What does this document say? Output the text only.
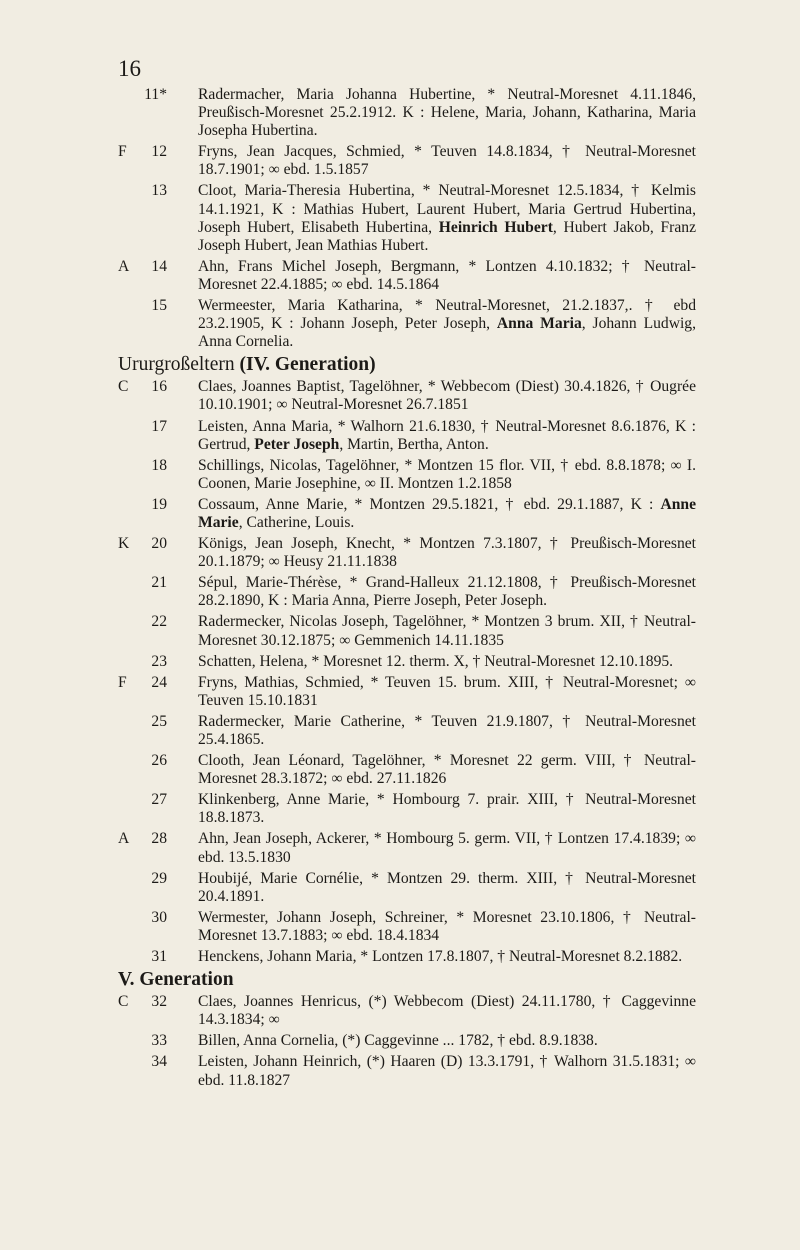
16
11* Radermacher, Maria Johanna Hubertine, * Neutral-Moresnet 4.11.1846, Preußisch-Moresnet 25.2.1912. K : Helene, Maria, Johann, Katharina, Maria Josepha Hubertina.
F 12 Fryns, Jean Jacques, Schmied, * Teuven 14.8.1834, † Neutral-Moresnet 18.7.1901; ∞ ebd. 1.5.1857
13 Cloot, Maria-Theresia Hubertina, * Neutral-Moresnet 12.5.1834, † Kelmis 14.1.1921, K : Mathias Hubert, Laurent Hubert, Maria Gertrud Hubertina, Joseph Hubert, Elisabeth Hubertina, Heinrich Hubert, Hubert Jakob, Franz Joseph Hubert, Jean Mathias Hubert.
A 14 Ahn, Frans Michel Joseph, Bergmann, * Lontzen 4.10.1832; † Neutral-Moresnet 22.4.1885; ∞ ebd. 14.5.1864
15 Wermeester, Maria Katharina, * Neutral-Moresnet, 21.2.1837,. † ebd 23.2.1905, K : Johann Joseph, Peter Joseph, Anna Maria, Johann Ludwig, Anna Cornelia.
Ururgroßeltern (IV. Generation)
C 16 Claes, Joannes Baptist, Tagelöhner, * Webbecom (Diest) 30.4.1826, † Ougrée 10.10.1901; ∞ Neutral-Moresnet 26.7.1851
17 Leisten, Anna Maria, * Walhorn 21.6.1830, † Neutral-Moresnet 8.6.1876, K : Gertrud, Peter Joseph, Martin, Bertha, Anton.
18 Schillings, Nicolas, Tagelöhner, * Montzen 15 flor. VII, † ebd. 8.8.1878; ∞ I. Coonen, Marie Josephine, ∞ II. Montzen 1.2.1858
19 Cossaum, Anne Marie, * Montzen 29.5.1821, † ebd. 29.1.1887, K : Anne Marie, Catherine, Louis.
K 20 Königs, Jean Joseph, Knecht, * Montzen 7.3.1807, † Preußisch-Moresnet 20.1.1879; ∞ Heusy 21.11.1838
21 Sépul, Marie-Thérèse, * Grand-Halleux 21.12.1808, † Preußisch-Moresnet 28.2.1890, K : Maria Anna, Pierre Joseph, Peter Joseph.
22 Radermecker, Nicolas Joseph, Tagelöhner, * Montzen 3 brum. XII, † Neutral-Moresnet 30.12.1875; ∞ Gemmenich 14.11.1835
23 Schatten, Helena, * Moresnet 12. therm. X, † Neutral-Moresnet 12.10.1895.
F 24 Fryns, Mathias, Schmied, * Teuven 15. brum. XIII, † Neutral-Moresnet; ∞ Teuven 15.10.1831
25 Radermecker, Marie Catherine, * Teuven 21.9.1807, † Neutral-Moresnet 25.4.1865.
26 Clooth, Jean Léonard, Tagelöhner, * Moresnet 22 germ. VIII, † Neutral-Moresnet 28.3.1872; ∞ ebd. 27.11.1826
27 Klinkenberg, Anne Marie, * Hombourg 7. prair. XIII, † Neutral-Moresnet 18.8.1873.
A 28 Ahn, Jean Joseph, Ackerer, * Hombourg 5. germ. VII, † Lontzen 17.4.1839; ∞ ebd. 13.5.1830
29 Houbijé, Marie Cornélie, * Montzen 29. therm. XIII, † Neutral-Moresnet 20.4.1891.
30 Wermester, Johann Joseph, Schreiner, * Moresnet 23.10.1806, † Neutral-Moresnet 13.7.1883; ∞ ebd. 18.4.1834
31 Henckens, Johann Maria, * Lontzen 17.8.1807, † Neutral-Moresnet 8.2.1882.
V. Generation
C 32 Claes, Joannes Henricus, (*) Webbecom (Diest) 24.11.1780, † Caggevinne 14.3.1834; ∞
33 Billen, Anna Cornelia, (*) Caggevinne ... 1782, † ebd. 8.9.1838.
34 Leisten, Johann Heinrich, (*) Haaren (D) 13.3.1791, † Walhorn 31.5.1831; ∞ ebd. 11.8.1827
